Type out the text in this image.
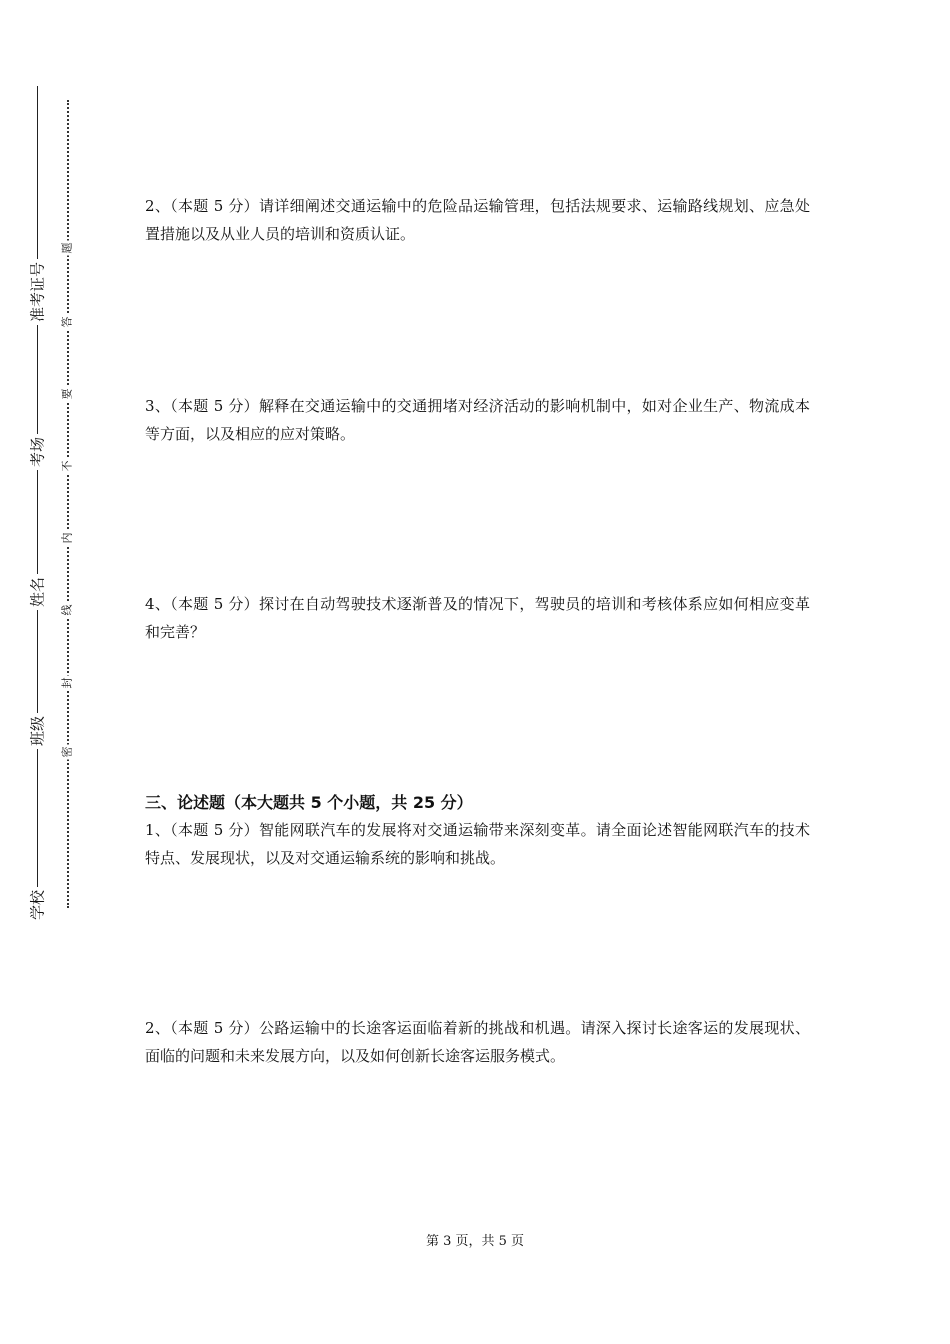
准考证号
考场
姓名
班级
学校
题
答
要
不
内
线
封
密
2、（本题 5 分）请详细阐述交通运输中的危险品运输管理，包括法规要求、运输路线规划、应急处置措施以及从业人员的培训和资质认证。
3、（本题 5 分）解释在交通运输中的交通拥堵对经济活动的影响机制中，如对企业生产、物流成本等方面，以及相应的应对策略。
4、（本题 5 分）探讨在自动驾驶技术逐渐普及的情况下，驾驶员的培训和考核体系应如何相应变革和完善？
三、论述题（本大题共 5 个小题，共 25 分）
1、（本题 5 分）智能网联汽车的发展将对交通运输带来深刻变革。请全面论述智能网联汽车的技术特点、发展现状，以及对交通运输系统的影响和挑战。
2、（本题 5 分）公路运输中的长途客运面临着新的挑战和机遇。请深入探讨长途客运的发展现状、面临的问题和未来发展方向，以及如何创新长途客运服务模式。
第 3 页，共 5 页
